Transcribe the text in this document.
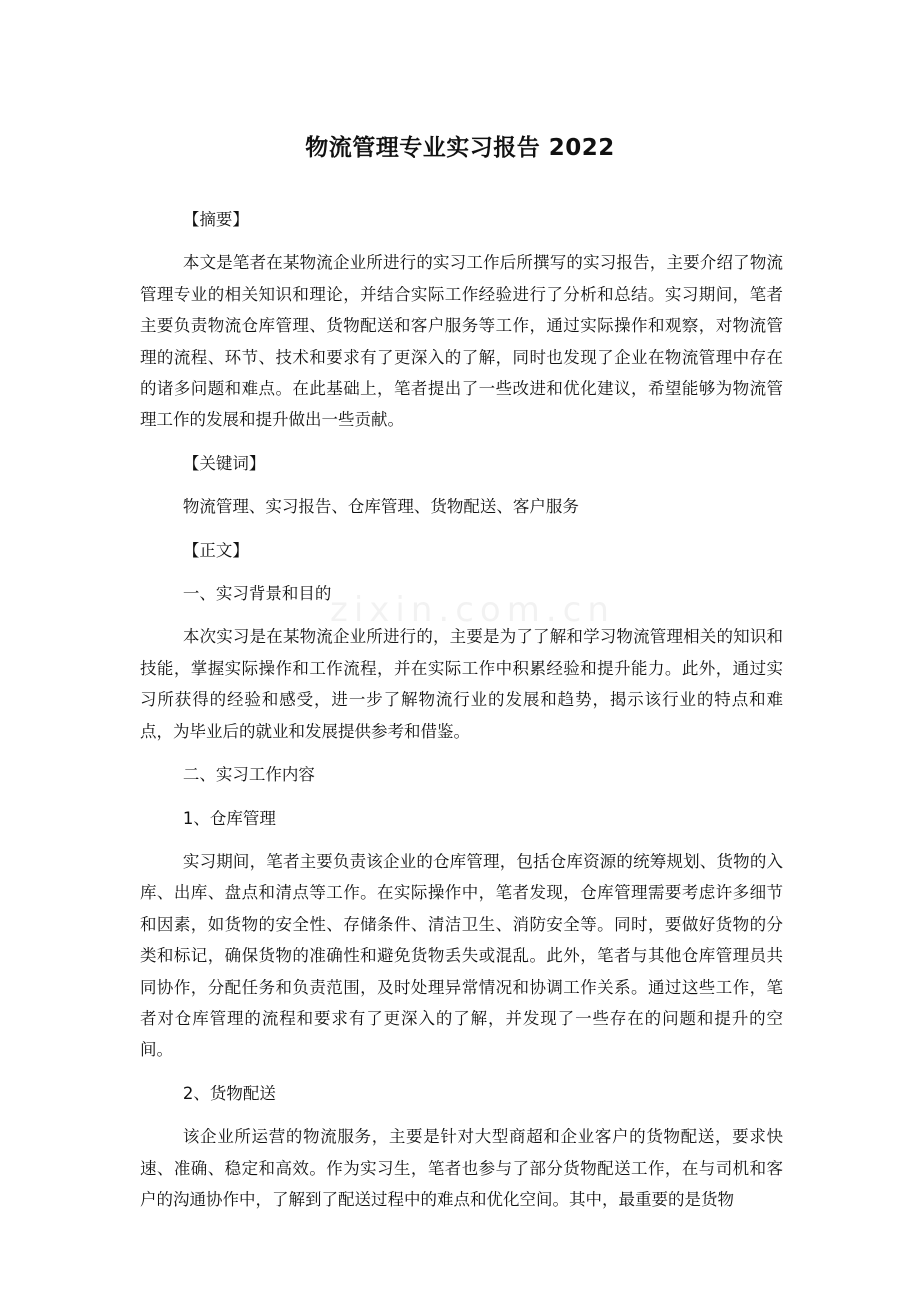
zixin.com.cn
物流管理专业实习报告 2022

【摘要】

本文是笔者在某物流企业所进行的实习工作后所撰写的实习报告，主要介绍了物流管理专业的相关知识和理论，并结合实际工作经验进行了分析和总结。实习期间，笔者主要负责物流仓库管理、货物配送和客户服务等工作，通过实际操作和观察，对物流管理的流程、环节、技术和要求有了更深入的了解，同时也发现了企业在物流管理中存在的诸多问题和难点。在此基础上，笔者提出了一些改进和优化建议，希望能够为物流管理工作的发展和提升做出一些贡献。

【关键词】

物流管理、实习报告、仓库管理、货物配送、客户服务

【正文】

一、实习背景和目的

本次实习是在某物流企业所进行的，主要是为了了解和学习物流管理相关的知识和技能，掌握实际操作和工作流程，并在实际工作中积累经验和提升能力。此外，通过实习所获得的经验和感受，进一步了解物流行业的发展和趋势，揭示该行业的特点和难点，为毕业后的就业和发展提供参考和借鉴。

二、实习工作内容

1、仓库管理

实习期间，笔者主要负责该企业的仓库管理，包括仓库资源的统筹规划、货物的入库、出库、盘点和清点等工作。在实际操作中，笔者发现，仓库管理需要考虑许多细节和因素，如货物的安全性、存储条件、清洁卫生、消防安全等。同时，要做好货物的分类和标记，确保货物的准确性和避免货物丢失或混乱。此外，笔者与其他仓库管理员共同协作，分配任务和负责范围，及时处理异常情况和协调工作关系。通过这些工作，笔者对仓库管理的流程和要求有了更深入的了解，并发现了一些存在的问题和提升的空间。

2、货物配送

该企业所运营的物流服务，主要是针对大型商超和企业客户的货物配送，要求快速、准确、稳定和高效。作为实习生，笔者也参与了部分货物配送工作，在与司机和客户的沟通协作中，了解到了配送过程中的难点和优化空间。其中，最重要的是货物
